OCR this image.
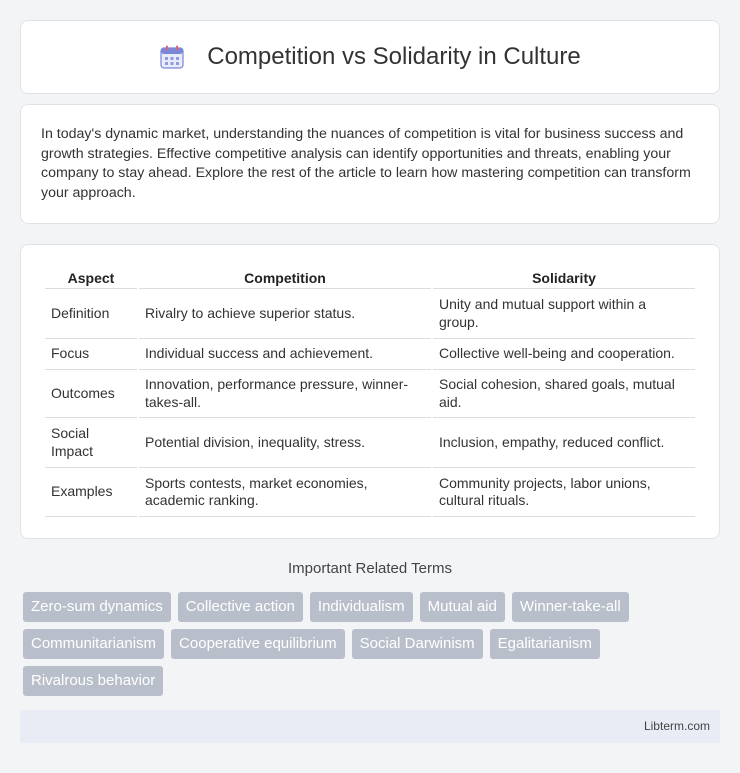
Competition vs Solidarity in Culture

In today's dynamic market, understanding the nuances of competition is vital for business success and growth strategies. Effective competitive analysis can identify opportunities and threats, enabling your company to stay ahead. Explore the rest of the article to learn how mastering competition can transform your approach.

Aspect	Competition	Solidarity
Definition	Rivalry to achieve superior status.	Unity and mutual support within a group.
Focus	Individual success and achievement.	Collective well-being and cooperation.
Outcomes	Innovation, performance pressure, winner-takes-all.	Social cohesion, shared goals, mutual aid.
Social Impact	Potential division, inequality, stress.	Inclusion, empathy, reduced conflict.
Examples	Sports contests, market economies, academic ranking.	Community projects, labor unions, cultural rituals.
Important Related Terms
Zero-sum dynamics	Collective action	Individualism	Mutual aid	Winner-take-all
Communitarianism	Cooperative equilibrium	Social Darwinism	Egalitarianism
Rivalrous behavior
Libterm.com
